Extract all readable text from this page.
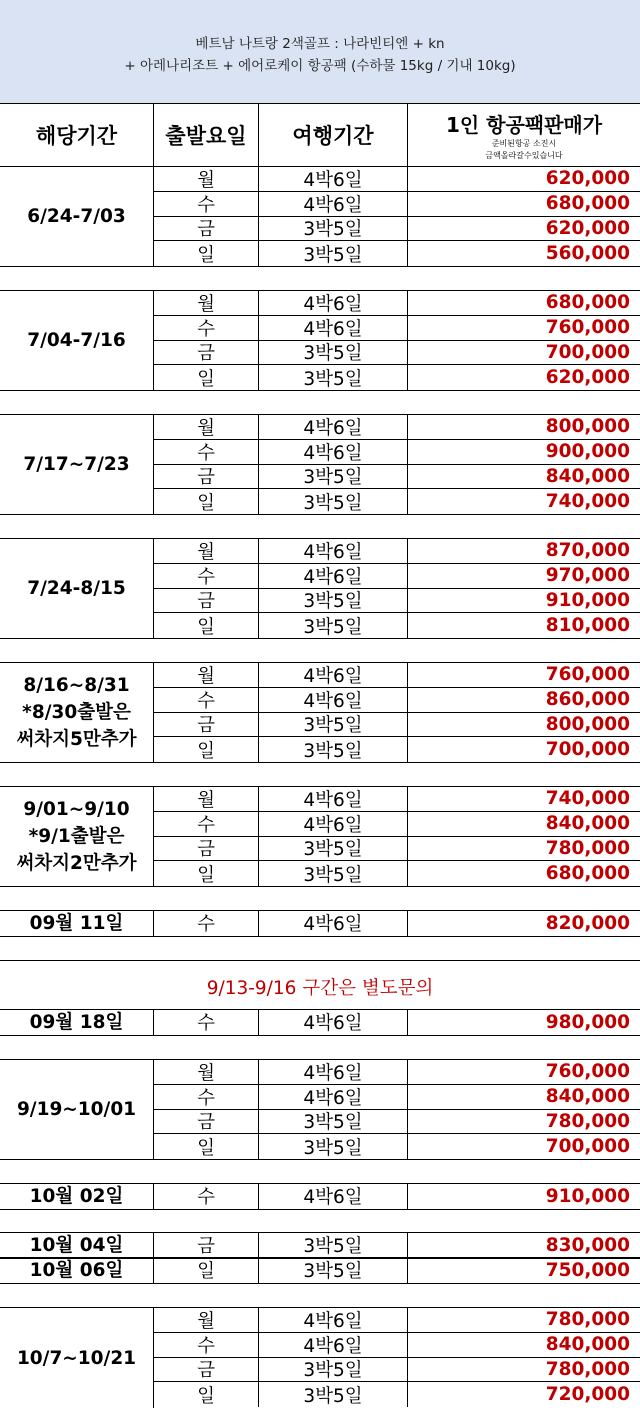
베트남 나트랑 2색골프 : 나라빈티엔 + kn
+ 아레나리조트 + 에어로케이 항공팩 (수하물 15kg / 기내 10kg)
해당기간	출발요일	여행기간	1인 항공팩판매가
준비된항공 소진시
금액올라갈수있습니다
6/24-7/03
월	4박6일	620,000
수	4박6일	680,000
금	3박5일	620,000
일	3박5일	560,000
7/04-7/16
월	4박6일	680,000
수	4박6일	760,000
금	3박5일	700,000
일	3박5일	620,000
7/17~7/23
월	4박6일	800,000
수	4박6일	900,000
금	3박5일	840,000
일	3박5일	740,000
7/24-8/15
월	4박6일	870,000
수	4박6일	970,000
금	3박5일	910,000
일	3박5일	810,000
8/16~8/31
*8/30출발은
써차지5만추가
월	4박6일	760,000
수	4박6일	860,000
금	3박5일	800,000
일	3박5일	700,000
9/01~9/10
*9/1출발은
써차지2만추가
월	4박6일	740,000
수	4박6일	840,000
금	3박5일	780,000
일	3박5일	680,000
09월 11일	수	4박6일	820,000
09월 18일	수	4박6일	980,000
9/19~10/01
월	4박6일	760,000
수	4박6일	840,000
금	3박5일	780,000
일	3박5일	700,000
10월 02일	수	4박6일	910,000
10월 04일	금	3박5일	830,000
10월 06일	일	3박5일	750,000
10/7~10/21
월	4박6일	780,000
수	4박6일	840,000
금	3박5일	780,000
일	3박5일	720,000
9/13-9/16 구간은 별도문의
